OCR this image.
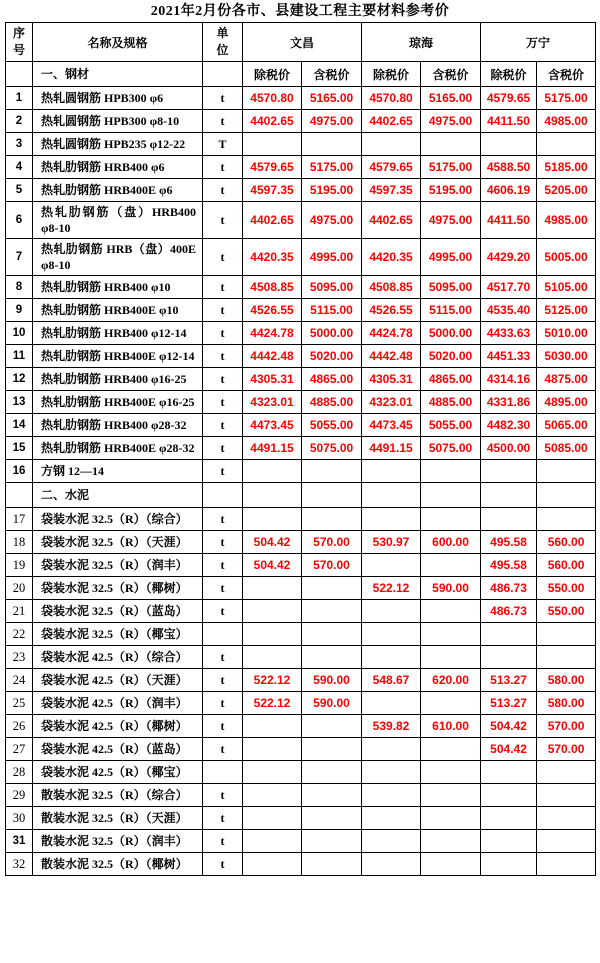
2021年2月份各市、县建设工程主要材料参考价
序号	名称及规格	单位	文昌		琼海		万宁	
	一、钢材		除税价	含税价	除税价	含税价	除税价	含税价
1	热轧圆钢筋 HPB300 φ6	t	4570.80	5165.00	4570.80	5165.00	4579.65	5175.00
2	热轧圆钢筋 HPB300 φ8-10	t	4402.65	4975.00	4402.65	4975.00	4411.50	4985.00
3	热轧圆钢筋 HPB235 φ12-22	T						
4	热轧肋钢筋 HRB400 φ6	t	4579.65	5175.00	4579.65	5175.00	4588.50	5185.00
5	热轧肋钢筋 HRB400E φ6	t	4597.35	5195.00	4597.35	5195.00	4606.19	5205.00
6	热轧肋钢筋（盘）HRB400 φ8-10	t	4402.65	4975.00	4402.65	4975.00	4411.50	4985.00
7	热轧肋钢筋 HRB（盘）400E φ8-10	t	4420.35	4995.00	4420.35	4995.00	4429.20	5005.00
8	热轧肋钢筋 HRB400 φ10	t	4508.85	5095.00	4508.85	5095.00	4517.70	5105.00
9	热轧肋钢筋 HRB400E φ10	t	4526.55	5115.00	4526.55	5115.00	4535.40	5125.00
10	热轧肋钢筋 HRB400 φ12-14	t	4424.78	5000.00	4424.78	5000.00	4433.63	5010.00
11	热轧肋钢筋 HRB400E φ12-14	t	4442.48	5020.00	4442.48	5020.00	4451.33	5030.00
12	热轧肋钢筋 HRB400 φ16-25	t	4305.31	4865.00	4305.31	4865.00	4314.16	4875.00
13	热轧肋钢筋 HRB400E φ16-25	t	4323.01	4885.00	4323.01	4885.00	4331.86	4895.00
14	热轧肋钢筋 HRB400 φ28-32	t	4473.45	5055.00	4473.45	5055.00	4482.30	5065.00
15	热轧肋钢筋 HRB400E φ28-32	t	4491.15	5075.00	4491.15	5075.00	4500.00	5085.00
16	方钢 12—14	t						
	二、水泥							
17	袋装水泥 32.5（R）（综合）	t						
18	袋装水泥 32.5（R）（天涯）	t	504.42	570.00	530.97	600.00	495.58	560.00
19	袋装水泥 32.5（R）（润丰）	t	504.42	570.00			495.58	560.00
20	袋装水泥 32.5（R）（椰树）	t			522.12	590.00	486.73	550.00
21	袋装水泥 32.5（R）（蓝岛）	t					486.73	550.00
22	袋装水泥 32.5（R）（椰宝）							
23	袋装水泥 42.5（R）（综合）	t						
24	袋装水泥 42.5（R）（天涯）	t	522.12	590.00	548.67	620.00	513.27	580.00
25	袋装水泥 42.5（R）（润丰）	t	522.12	590.00			513.27	580.00
26	袋装水泥 42.5（R）（椰树）	t			539.82	610.00	504.42	570.00
27	袋装水泥 42.5（R）（蓝岛）	t					504.42	570.00
28	袋装水泥 42.5（R）（椰宝）							
29	散装水泥 32.5（R）（综合）	t						
30	散装水泥 32.5（R）（天涯）	t						
31	散装水泥 32.5（R）（润丰）	t						
32	散装水泥 32.5（R）（椰树）	t						
